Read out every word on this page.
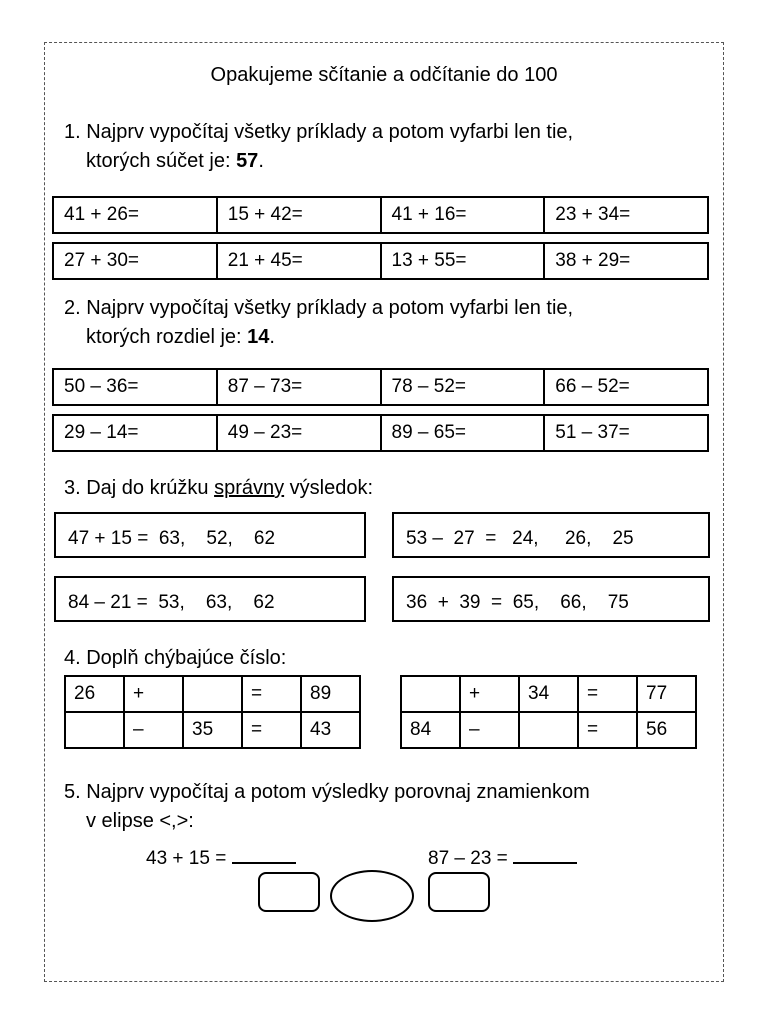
Opakujeme sčítanie a odčítanie do 100
1. Najprv vypočítaj všetky príklady a potom vyfarbi len tie,
ktorých súčet je: 57.
41 + 26=	15 + 42=	41 + 16=	23 + 34=
27 + 30=	21 + 45=	13 + 55=	38 + 29=
2. Najprv vypočítaj všetky príklady a potom vyfarbi len tie,
ktorých rozdiel je: 14.
50 – 36=	87 – 73=	78 – 52=	66 – 52=
29 – 14=	49 – 23=	89 – 65=	51 – 37=
3. Daj do krúžku správny výsledok:
47 + 15 =  63,    52,    62	53 –  27  =   24,     26,    25
84 – 21 =  53,    63,    62	36  +  39  =  65,    66,    75
4. Doplň chýbajúce číslo:
26	+		=	89
	–	35	=	43
	+	34	=	77
84	–		=	56
5. Najprv vypočítaj a potom výsledky porovnaj znamienkom
v elipse <,>:
43 + 15 =	87 – 23 =
